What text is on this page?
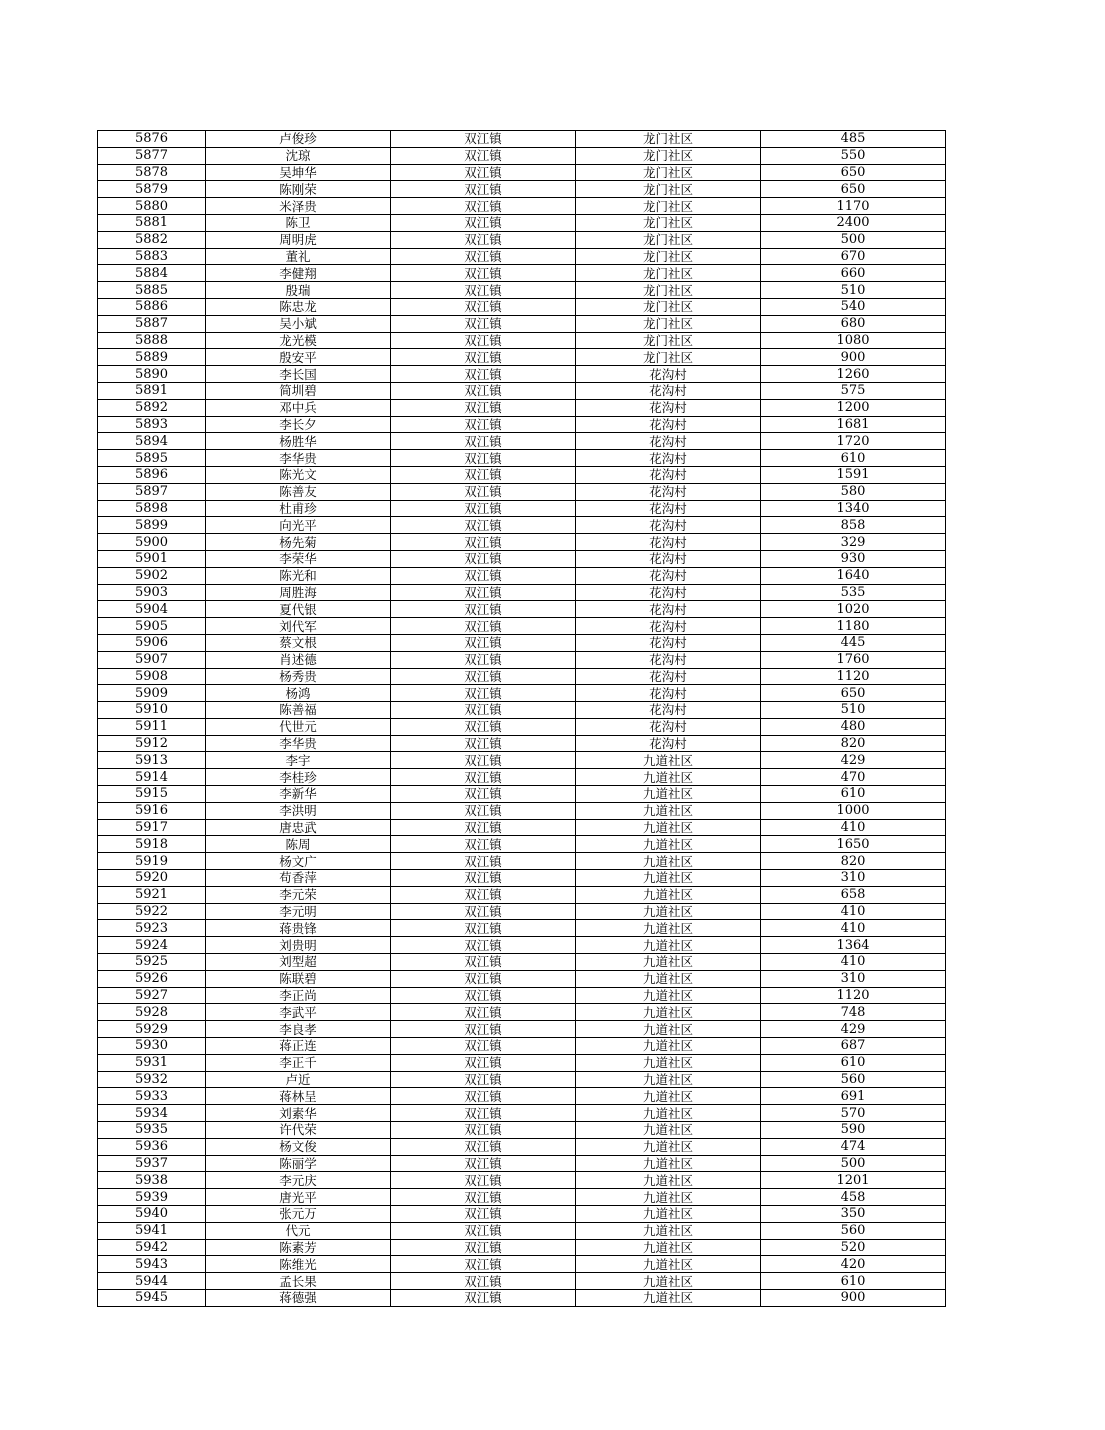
5876	卢俊珍	双江镇	龙门社区	485
5877	沈琼	双江镇	龙门社区	550
5878	吴坤华	双江镇	龙门社区	650
5879	陈刚荣	双江镇	龙门社区	650
5880	米泽贵	双江镇	龙门社区	1170
5881	陈卫	双江镇	龙门社区	2400
5882	周明虎	双江镇	龙门社区	500
5883	董礼	双江镇	龙门社区	670
5884	李健翔	双江镇	龙门社区	660
5885	殷瑞	双江镇	龙门社区	510
5886	陈忠龙	双江镇	龙门社区	540
5887	吴小斌	双江镇	龙门社区	680
5888	龙光模	双江镇	龙门社区	1080
5889	殷安平	双江镇	龙门社区	900
5890	李长国	双江镇	花沟村	1260
5891	简圳碧	双江镇	花沟村	575
5892	邓中兵	双江镇	花沟村	1200
5893	李长夕	双江镇	花沟村	1681
5894	杨胜华	双江镇	花沟村	1720
5895	李华贵	双江镇	花沟村	610
5896	陈光文	双江镇	花沟村	1591
5897	陈善友	双江镇	花沟村	580
5898	杜甫珍	双江镇	花沟村	1340
5899	向光平	双江镇	花沟村	858
5900	杨先菊	双江镇	花沟村	329
5901	李荣华	双江镇	花沟村	930
5902	陈光和	双江镇	花沟村	1640
5903	周胜海	双江镇	花沟村	535
5904	夏代银	双江镇	花沟村	1020
5905	刘代军	双江镇	花沟村	1180
5906	蔡文根	双江镇	花沟村	445
5907	肖述德	双江镇	花沟村	1760
5908	杨秀贵	双江镇	花沟村	1120
5909	杨鸿	双江镇	花沟村	650
5910	陈善福	双江镇	花沟村	510
5911	代世元	双江镇	花沟村	480
5912	李华贵	双江镇	花沟村	820
5913	李宇	双江镇	九道社区	429
5914	李桂珍	双江镇	九道社区	470
5915	李新华	双江镇	九道社区	610
5916	李洪明	双江镇	九道社区	1000
5917	唐忠武	双江镇	九道社区	410
5918	陈周	双江镇	九道社区	1650
5919	杨文广	双江镇	九道社区	820
5920	苟香萍	双江镇	九道社区	310
5921	李元荣	双江镇	九道社区	658
5922	李元明	双江镇	九道社区	410
5923	蒋贵锋	双江镇	九道社区	410
5924	刘贵明	双江镇	九道社区	1364
5925	刘型超	双江镇	九道社区	410
5926	陈联碧	双江镇	九道社区	310
5927	李正尚	双江镇	九道社区	1120
5928	李武平	双江镇	九道社区	748
5929	李良孝	双江镇	九道社区	429
5930	蒋正连	双江镇	九道社区	687
5931	李正千	双江镇	九道社区	610
5932	卢近	双江镇	九道社区	560
5933	蒋林呈	双江镇	九道社区	691
5934	刘素华	双江镇	九道社区	570
5935	许代荣	双江镇	九道社区	590
5936	杨文俊	双江镇	九道社区	474
5937	陈丽学	双江镇	九道社区	500
5938	李元庆	双江镇	九道社区	1201
5939	唐光平	双江镇	九道社区	458
5940	张元万	双江镇	九道社区	350
5941	代元	双江镇	九道社区	560
5942	陈素芳	双江镇	九道社区	520
5943	陈维光	双江镇	九道社区	420
5944	孟长果	双江镇	九道社区	610
5945	蒋德强	双江镇	九道社区	900
